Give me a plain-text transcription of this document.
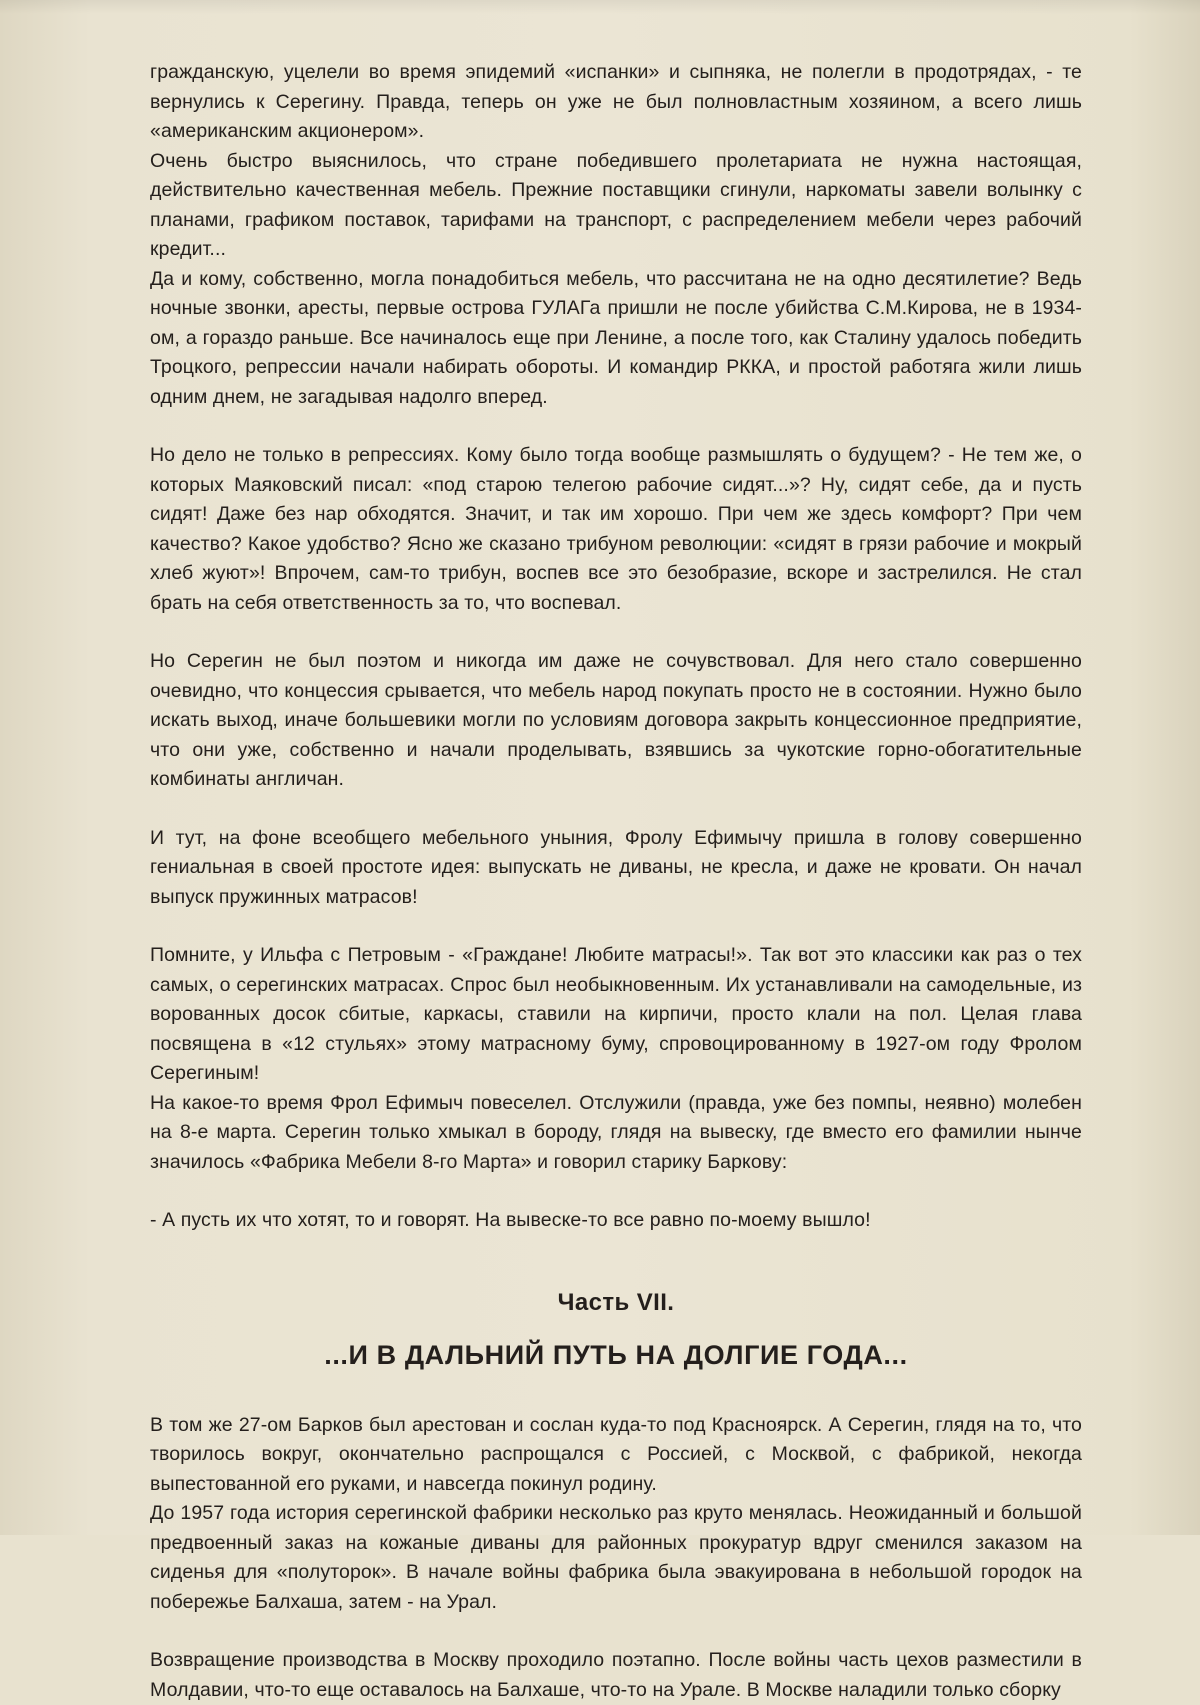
гражданскую, уцелели во время эпидемий «испанки» и сыпняка, не полегли в продотрядах, - те вернулись к Серегину. Правда, теперь он уже не был полновластным хозяином, а всего лишь «американским акционером».

Очень быстро выяснилось, что стране победившего пролетариата не нужна настоящая, действительно качественная мебель. Прежние поставщики сгинули, наркоматы завели волынку с планами, графиком поставок, тарифами на транспорт, с распределением мебели через рабочий кредит...

Да и кому, собственно, могла понадобиться мебель, что рассчитана не на одно десятилетие? Ведь ночные звонки, аресты, первые острова ГУЛАГа пришли не после убийства С.М.Кирова, не в 1934-ом, а гораздо раньше. Все начиналось еще при Ленине, а после того, как Сталину удалось победить Троцкого, репрессии начали набирать обороты. И командир РККА, и простой работяга жили лишь одним днем, не загадывая надолго вперед.

Но дело не только в репрессиях. Кому было тогда вообще размышлять о будущем? - Не тем же, о которых Маяковский писал: «под старою телегою рабочие сидят...»? Ну, сидят себе, да и пусть сидят! Даже без нар обходятся. Значит, и так им хорошо. При чем же здесь комфорт? При чем качество? Какое удобство? Ясно же сказано трибуном революции: «сидят в грязи рабочие и мокрый хлеб жуют»! Впрочем, сам-то трибун, воспев все это безобразие, вскоре и застрелился. Не стал брать на себя ответственность за то, что воспевал.

Но Серегин не был поэтом и никогда им даже не сочувствовал. Для него стало совершенно очевидно, что концессия срывается, что мебель народ покупать просто не в состоянии. Нужно было искать выход, иначе большевики могли по условиям договора закрыть концессионное предприятие, что они уже, собственно и начали проделывать, взявшись за чукотские горно-обогатительные комбинаты англичан.

И тут, на фоне всеобщего мебельного уныния, Фролу Ефимычу пришла в голову совершенно гениальная в своей простоте идея: выпускать не диваны, не кресла, и даже не кровати. Он начал выпуск пружинных матрасов!

Помните, у Ильфа с Петровым - «Граждане! Любите матрасы!». Так вот это классики как раз о тех самых, о серегинских матрасах. Спрос был необыкновенным. Их устанавливали на самодельные, из ворованных досок сбитые, каркасы, ставили на кирпичи, просто клали на пол. Целая глава посвящена в «12 стульях» этому матрасному буму, спровоцированному в 1927-ом году Фролом Серегиным!

На какое-то время Фрол Ефимыч повеселел. Отслужили (правда, уже без помпы, неявно) молебен на 8-е марта. Серегин только хмыкал в бороду, глядя на вывеску, где вместо его фамилии нынче значилось «Фабрика Мебели 8-го Марта» и говорил старику Баркову:

- А пусть их что хотят, то и говорят. На вывеске-то все равно по-моему вышло!

Часть VII.

...И В ДАЛЬНИЙ ПУТЬ НА ДОЛГИЕ ГОДА...

В том же 27-ом Барков был арестован и сослан куда-то под Красноярск. А Серегин, глядя на то, что творилось вокруг, окончательно распрощался с Россией, с Москвой, с фабрикой, некогда выпестованной его руками, и навсегда покинул родину.

До 1957 года история серегинской фабрики несколько раз круто менялась. Неожиданный и большой предвоенный заказ на кожаные диваны для районных прокуратур вдруг сменился заказом на сиденья для «полуторок». В начале войны фабрика была эвакуирована в небольшой городок на побережье Балхаша, затем - на Урал.

Возвращение производства в Москву проходило поэтапно. После войны часть цехов разместили в Молдавии, что-то еще оставалось на Балхаше, что-то на Урале. В Москве наладили только сборку
